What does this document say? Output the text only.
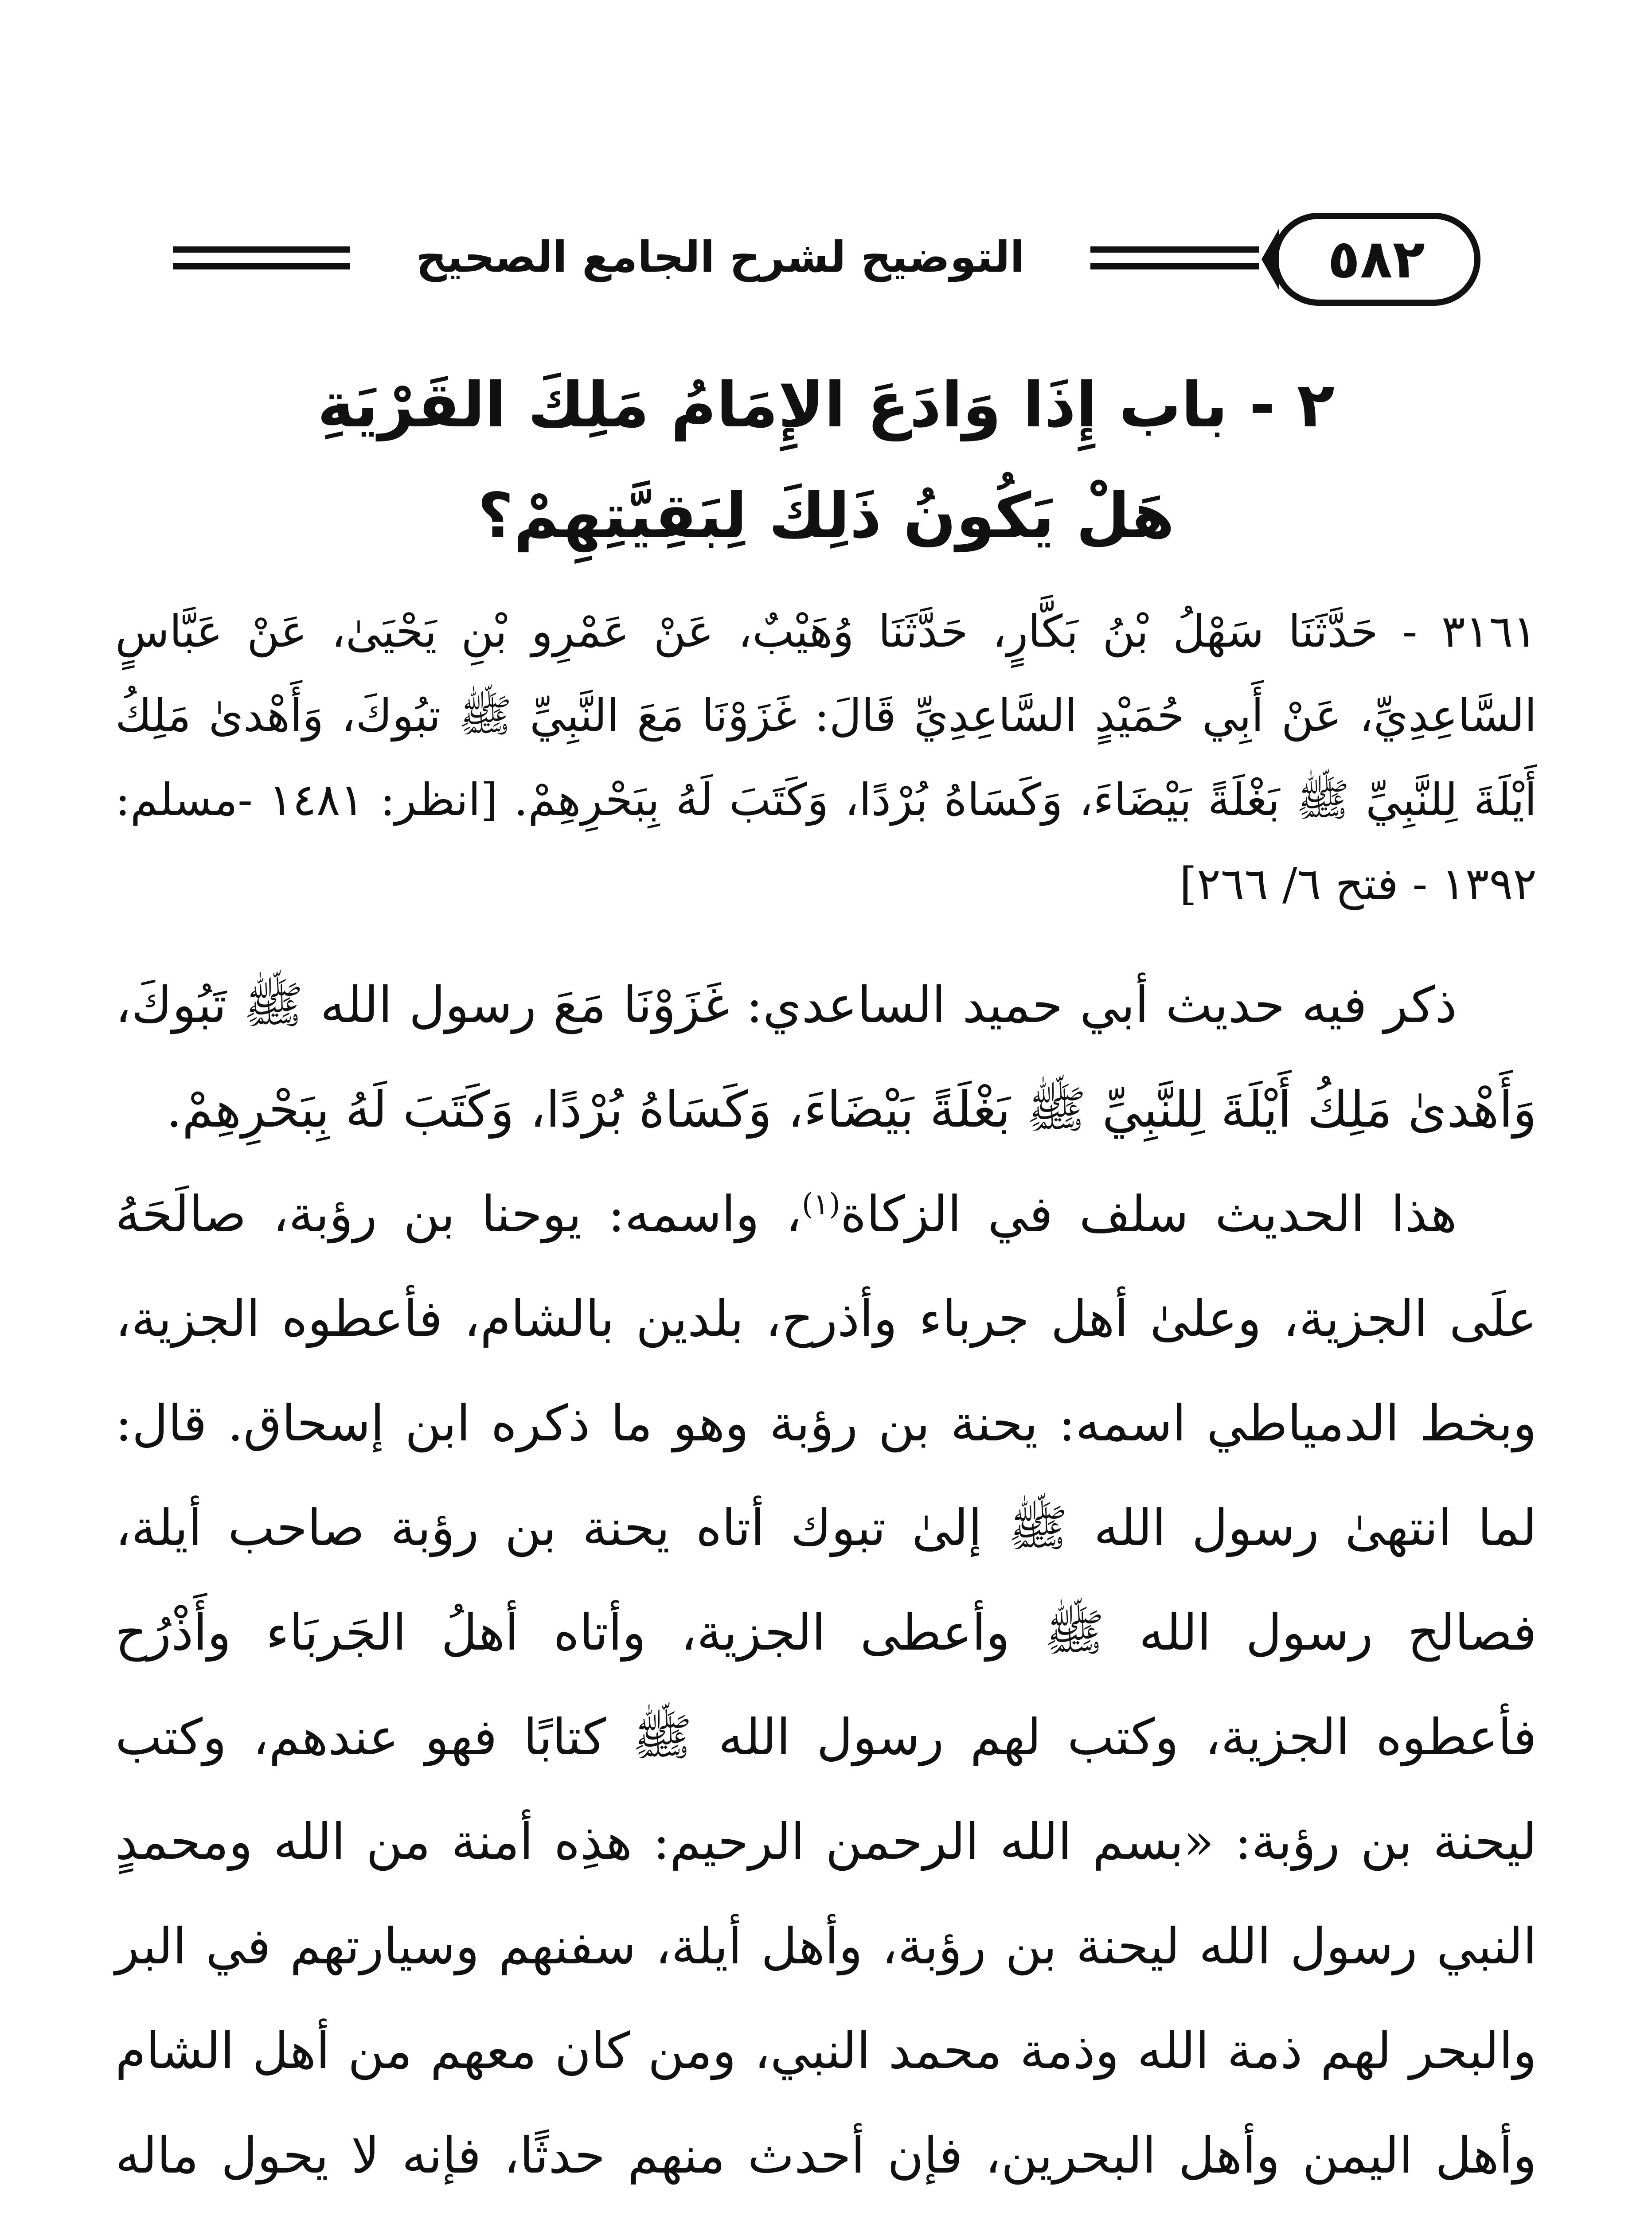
٥٨٢
التوضيح لشرح الجامع الصحيح
٢ - باب إِذَا وَادَعَ الإِمَامُ مَلِكَ القَرْيَةِ
هَلْ يَكُونُ ذَلِكَ لِبَقِيَّتِهِمْ؟

٣١٦١ - حَدَّثَنَا سَهْلُ بْنُ بَكَّارٍ، حَدَّثَنَا وُهَيْبٌ، عَنْ عَمْرِو بْنِ يَحْيَىٰ، عَنْ عَبَّاسٍ السَّاعِدِيِّ، عَنْ أَبِي حُمَيْدٍ السَّاعِدِيِّ قَالَ: غَزَوْنَا مَعَ النَّبِيِّ ﷺ تبُوكَ، وَأَهْدىٰ مَلِكُ أَيْلَةَ لِلنَّبِيِّ ﷺ بَغْلَةً بَيْضَاءَ، وَكَسَاهُ بُرْدًا، وَكَتَبَ لَهُ بِبَحْرِهِمْ. [انظر: ١٤٨١ -مسلم: ١٣٩٢ - فتح ٦/ ٢٦٦]

ذكر فيه حديث أبي حميد الساعدي: غَزَوْنَا مَعَ رسول الله ﷺ تَبُوكَ، وَأَهْدىٰ مَلِكُ أَيْلَةَ لِلنَّبِيِّ ﷺ بَغْلَةً بَيْضَاءَ، وَكَسَاهُ بُرْدًا، وَكَتَبَ لَهُ بِبَحْرِهِمْ.

هذا الحديث سلف في الزكاة$^{(١)}$، واسمه: يوحنا بن رؤبة، صالَحَهُ علَى الجزية، وعلىٰ أهل جرباء وأذرح، بلدين بالشام، فأعطوه الجزية، وبخط الدمياطي اسمه: يحنة بن رؤبة وهو ما ذكره ابن إسحاق. قال: لما انتهىٰ رسول الله ﷺ إلىٰ تبوك أتاه يحنة بن رؤبة صاحب أيلة، فصالح رسول الله ﷺ وأعطى الجزية، وأتاه أهلُ الجَربَاء وأَذْرُح فأعطوه الجزية، وكتب لهم رسول الله ﷺ كتابًا فهو عندهم، وكتب ليحنة بن رؤبة: «بسم الله الرحمن الرحيم: هذِه أمنة من الله ومحمدٍ النبي رسول الله ليحنة بن رؤبة، وأهل أيلة، سفنهم وسيارتهم في البر والبحر لهم ذمة الله وذمة محمد النبي، ومن كان معهم من أهل الشام وأهل اليمن وأهل البحرين، فإن أحدث منهم حدثًا، فإنه لا يحول ماله
